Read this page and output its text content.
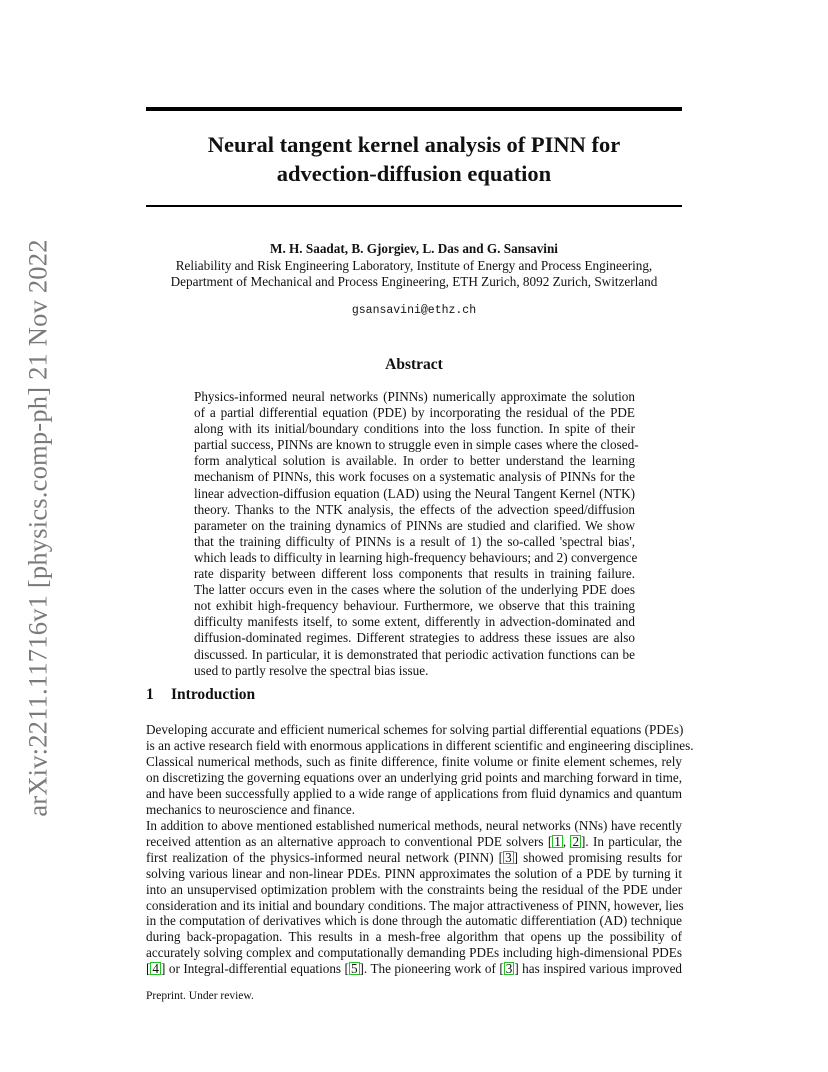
Neural tangent kernel analysis of PINN for
advection-diffusion equation
arXiv:2211.11716v1 [physics.comp-ph] 21 Nov 2022	M. H. Saadat, B. Gjorgiev, L. Das and G. Sansavini
Reliability and Risk Engineering Laboratory, Institute of Energy and Process Engineering,
Department of Mechanical and Process Engineering, ETH Zurich, 8092 Zurich, Switzerland
gsansavini@ethz.ch
Abstract
Physics-informed neural networks (PINNs) numerically approximate the solution
of a partial differential equation (PDE) by incorporating the residual of the PDE
along with its initial/boundary conditions into the loss function. In spite of their
partial success, PINNs are known to struggle even in simple cases where the closed-
form analytical solution is available. In order to better understand the learning
mechanism of PINNs, this work focuses on a systematic analysis of PINNs for the
linear advection-diffusion equation (LAD) using the Neural Tangent Kernel (NTK)
theory. Thanks to the NTK analysis, the effects of the advection speed/diffusion
parameter on the training dynamics of PINNs are studied and clarified. We show
that the training difficulty of PINNs is a result of 1) the so-called 'spectral bias',
which leads to difficulty in learning high-frequency behaviours; and 2) convergence
rate disparity between different loss components that results in training failure.
The latter occurs even in the cases where the solution of the underlying PDE does
not exhibit high-frequency behaviour. Furthermore, we observe that this training
difficulty manifests itself, to some extent, differently in advection-dominated and
diffusion-dominated regimes. Different strategies to address these issues are also
discussed. In particular, it is demonstrated that periodic activation functions can be
used to partly resolve the spectral bias issue.
1 Introduction
Developing accurate and efficient numerical schemes for solving partial differential equations (PDEs)
is an active research field with enormous applications in different scientific and engineering disciplines.
Classical numerical methods, such as finite difference, finite volume or finite element schemes, rely
on discretizing the governing equations over an underlying grid points and marching forward in time,
and have been successfully applied to a wide range of applications from fluid dynamics and quantum
mechanics to neuroscience and finance.
In addition to above mentioned established numerical methods, neural networks (NNs) have recently
received attention as an alternative approach to conventional PDE solvers [ 1 , 2 ]. In particular, the
first realization of the physics-informed neural network (PINN) [ 3 ] showed promising results for
solving various linear and non-linear PDEs. PINN approximates the solution of a PDE by turning it
into an unsupervised optimization problem with the constraints being the residual of the PDE under
consideration and its initial and boundary conditions. The major attractiveness of PINN, however, lies
in the computation of derivatives which is done through the automatic differentiation (AD) technique
during back-propagation. This results in a mesh-free algorithm that opens up the possibility of
accurately solving complex and computationally demanding PDEs including high-dimensional PDEs
[ 4 ] or Integral-differential equations [ 5 ]. The pioneering work of [ 3 ] has inspired various improved
Preprint. Under review.
